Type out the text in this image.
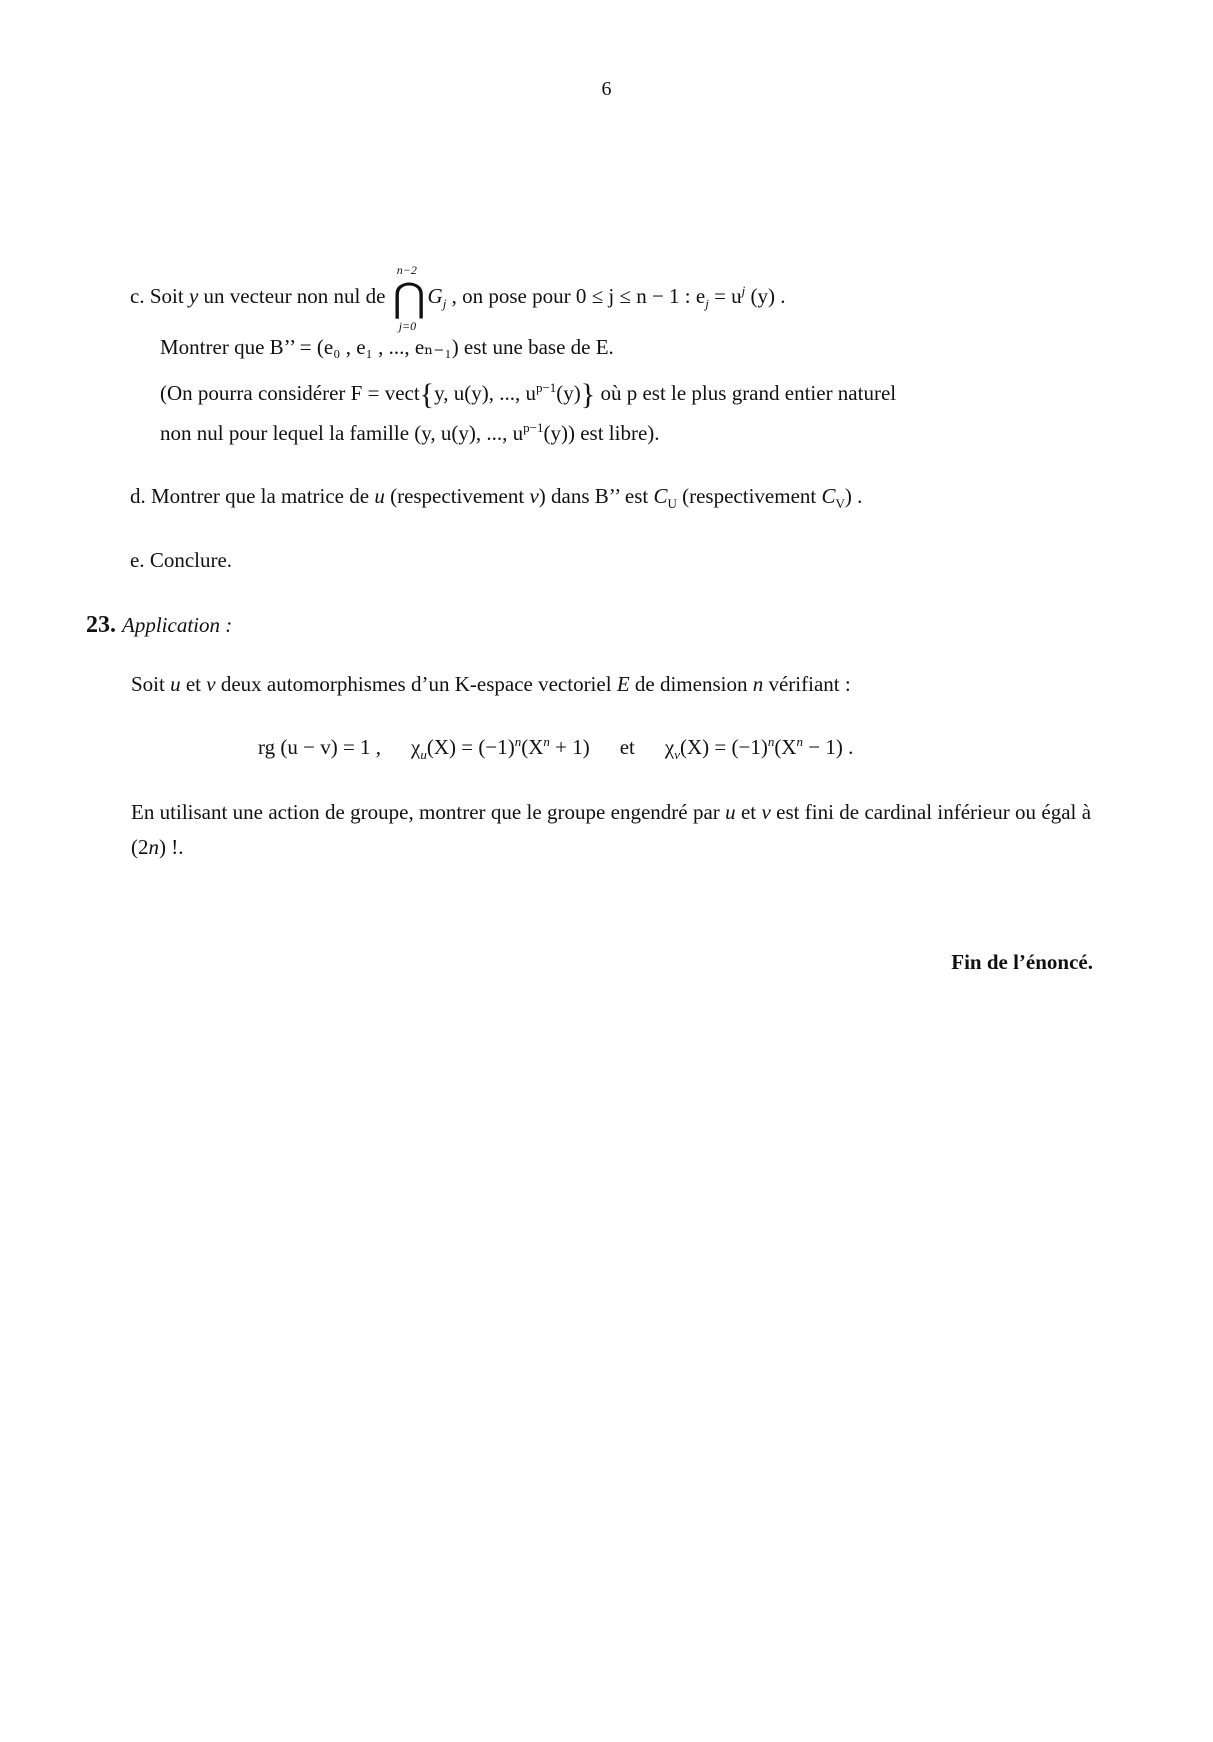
6
c. Soit y un vecteur non nul de ⋂
n−2
j=0
$G_j$ , on pose pour 0 ≤ j ≤ n − 1 : $e_j = u^j$ (y) .
Montrer que B’’ = (e₀ , e₁ , ..., eₙ₋₁) est une base de E.
(On pourra considérer F = vect{y, u(y), ..., $u^{p-1}(y)$} où p est le plus grand entier naturel
non nul pour lequel la famille (y, u(y), ..., $u^{p-1}(y)$) est libre).
d. Montrer que la matrice de u (respectivement v) dans B’’ est $C_U$ (respectivement $C_V$) .
e. Conclure.
23. Application :
Soit u et v deux automorphismes d’un K-espace vectoriel E de dimension n vérifiant :
rg (u − v) = 1 , $\chi_u(X) = (-1)^n(X^n + 1)$ et $\chi_v(X) = (-1)^n(X^n - 1)$ .
En utilisant une action de groupe, montrer que le groupe engendré par u et v est fini de cardinal inférieur ou égal à (2n) !.
Fin de l’énoncé.
